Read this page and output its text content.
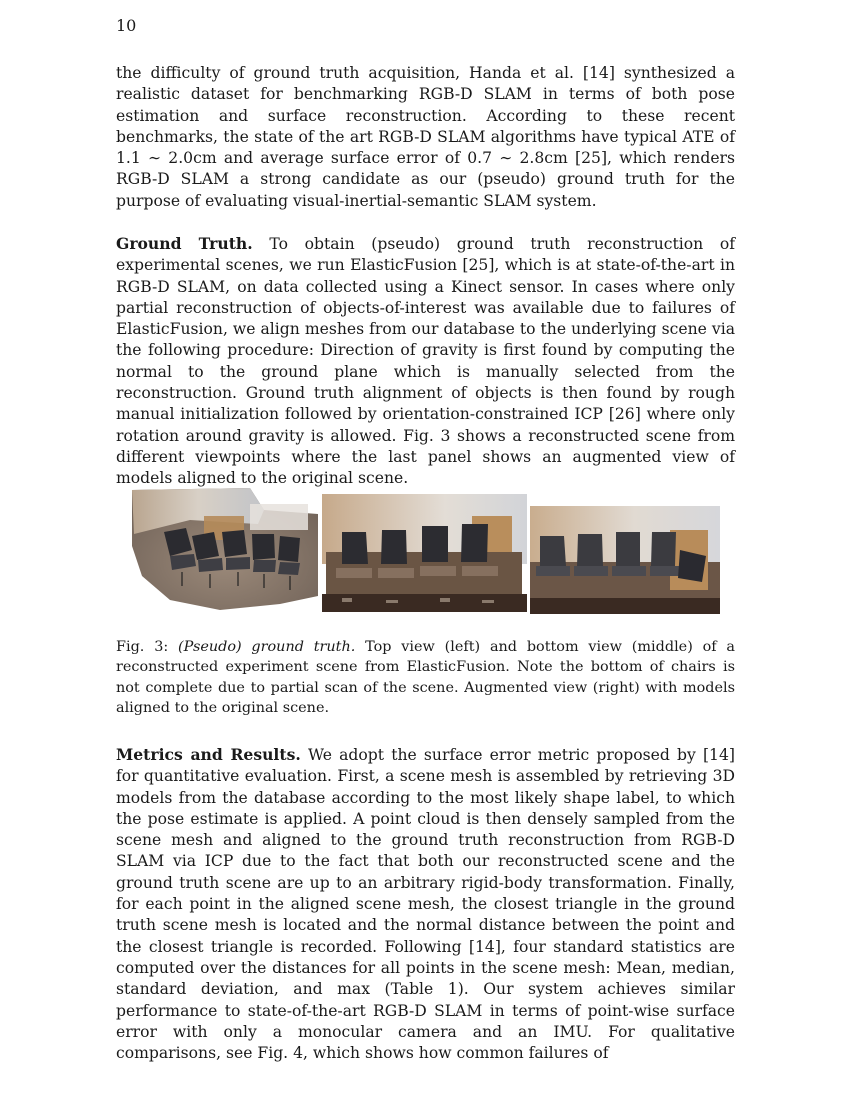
10

the difficulty of ground truth acquisition, Handa et al. [14] synthesized a realistic dataset for benchmarking RGB-D SLAM in terms of both pose estimation and surface reconstruction. According to these recent benchmarks, the state of the art RGB-D SLAM algorithms have typical ATE of 1.1 ∼ 2.0cm and average surface error of 0.7 ∼ 2.8cm [25], which renders RGB-D SLAM a strong candidate as our (pseudo) ground truth for the purpose of evaluating visual-inertial-semantic SLAM system.

Ground Truth. To obtain (pseudo) ground truth reconstruction of experimental scenes, we run ElasticFusion [25], which is at state-of-the-art in RGB-D SLAM, on data collected using a Kinect sensor. In cases where only partial reconstruction of objects-of-interest was available due to failures of ElasticFusion, we align meshes from our database to the underlying scene via the following procedure: Direction of gravity is first found by computing the normal to the ground plane which is manually selected from the reconstruction. Ground truth alignment of objects is then found by rough manual initialization followed by orientation-constrained ICP [26] where only rotation around gravity is allowed. Fig. 3 shows a reconstructed scene from different viewpoints where the last panel shows an augmented view of models aligned to the original scene.

Fig. 3: (Pseudo) ground truth. Top view (left) and bottom view (middle) of a reconstructed experiment scene from ElasticFusion. Note the bottom of chairs is not complete due to partial scan of the scene. Augmented view (right) with models aligned to the original scene.

Metrics and Results. We adopt the surface error metric proposed by [14] for quantitative evaluation. First, a scene mesh is assembled by retrieving 3D models from the database according to the most likely shape label, to which the pose estimate is applied. A point cloud is then densely sampled from the scene mesh and aligned to the ground truth reconstruction from RGB-D SLAM via ICP due to the fact that both our reconstructed scene and the ground truth scene are up to an arbitrary rigid-body transformation. Finally, for each point in the aligned scene mesh, the closest triangle in the ground truth scene mesh is located and the normal distance between the point and the closest triangle is recorded. Following [14], four standard statistics are computed over the distances for all points in the scene mesh: Mean, median, standard deviation, and max (Table 1). Our system achieves similar performance to state-of-the-art RGB-D SLAM in terms of point-wise surface error with only a monocular camera and an IMU. For qualitative comparisons, see Fig. 4, which shows how common failures of
